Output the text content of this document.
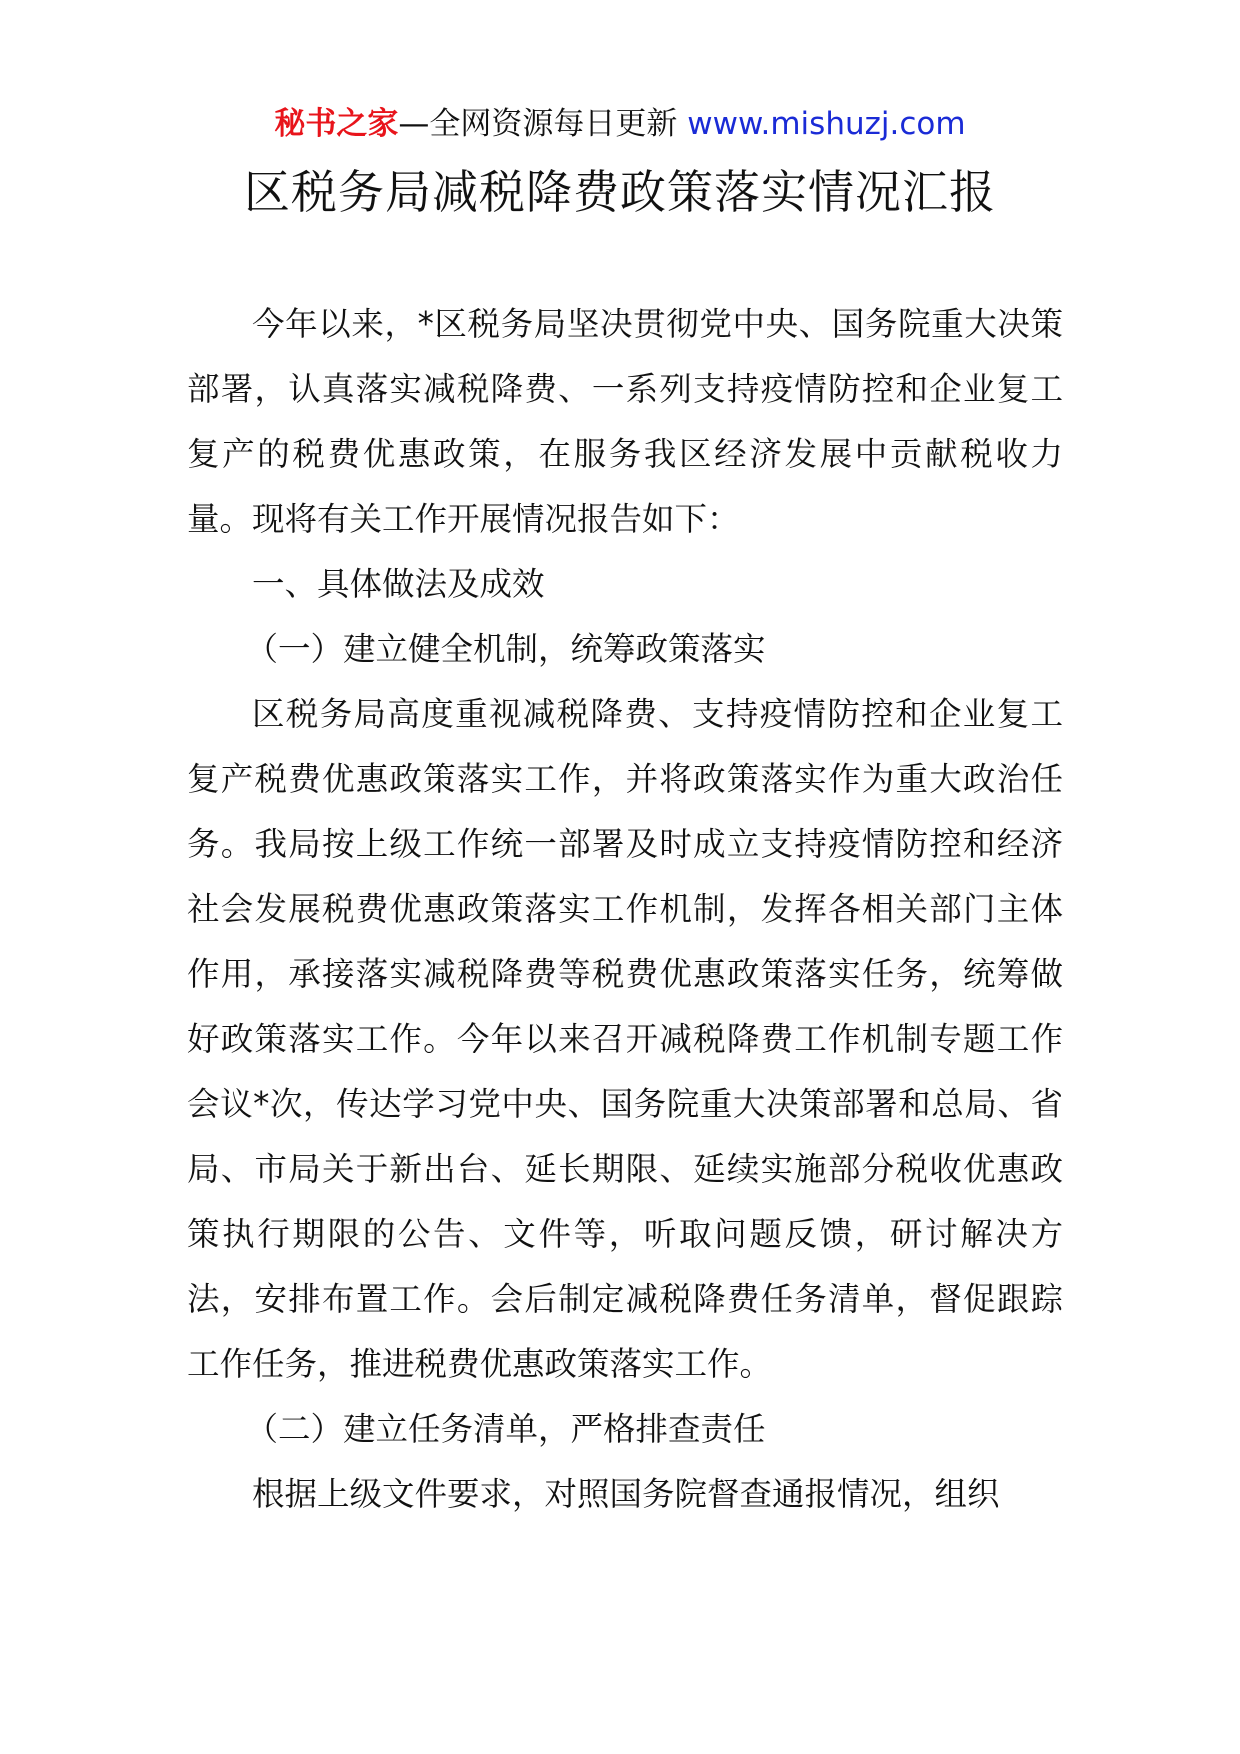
秘书之家—全网资源每日更新 www.mishuzj.com
区税务局减税降费政策落实情况汇报

今年以来，*区税务局坚决贯彻党中央、国务院重大决策部署，认真落实减税降费、一系列支持疫情防控和企业复工复产的税费优惠政策，在服务我区经济发展中贡献税收力量。现将有关工作开展情况报告如下：

一、具体做法及成效

（一）建立健全机制，统筹政策落实

区税务局高度重视减税降费、支持疫情防控和企业复工复产税费优惠政策落实工作，并将政策落实作为重大政治任务。我局按上级工作统一部署及时成立支持疫情防控和经济社会发展税费优惠政策落实工作机制，发挥各相关部门主体作用，承接落实减税降费等税费优惠政策落实任务，统筹做好政策落实工作。今年以来召开减税降费工作机制专题工作会议*次，传达学习党中央、国务院重大决策部署和总局、省局、市局关于新出台、延长期限、延续实施部分税收优惠政策执行期限的公告、文件等，听取问题反馈，研讨解决方法，安排布置工作。会后制定减税降费任务清单，督促跟踪工作任务，推进税费优惠政策落实工作。

（二）建立任务清单，严格排查责任

根据上级文件要求，对照国务院督查通报情况，组织
